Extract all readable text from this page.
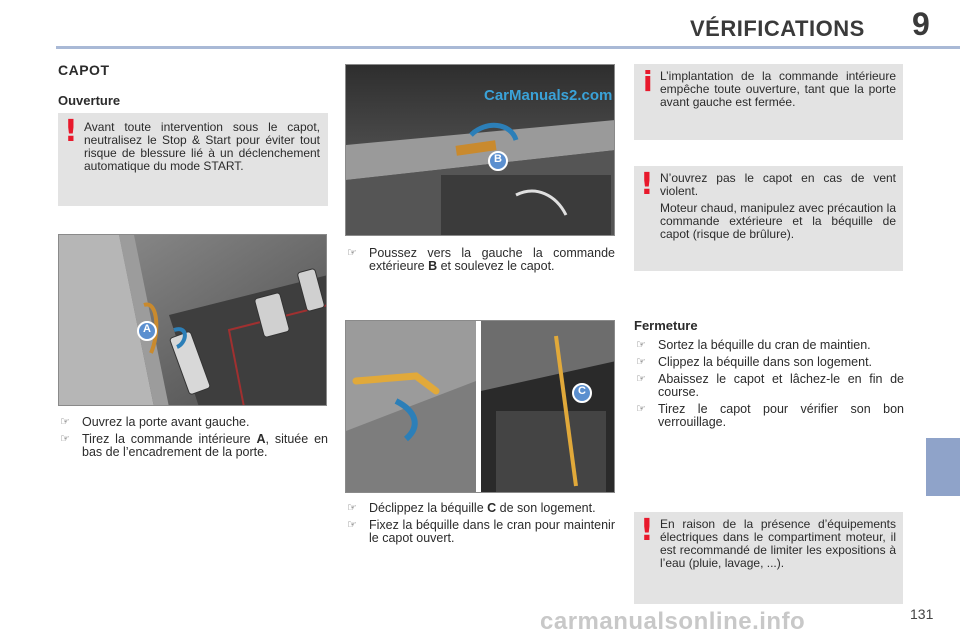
VÉRIFICATIONS 9
CAPOT
Ouverture
! Avant toute intervention sous le capot, neutralisez le Stop & Start pour éviter tout risque de blessure lié à un déclenchement automatique du mode START.

A
☞ Ouvrez la porte avant gauche.
☞ Tirez la commande intérieure A, située en bas de l’encadrement de la porte.
CarManuals2.com
B
☞ Poussez vers la gauche la commande extérieure B et soulevez le capot.
C
☞ Déclippez la béquille C de son logement.
☞ Fixez la béquille dans le cran pour maintenir le capot ouvert.
i L’implantation de la commande intérieure empêche toute ouverture, tant que la porte avant gauche est fermée.

! N’ouvrez pas le capot en cas de vent violent.

Moteur chaud, manipulez avec précaution la commande extérieure et la béquille de capot (risque de brûlure).

Fermeture
☞ Sortez la béquille du cran de maintien.
☞ Clippez la béquille dans son logement.
☞ Abaissez le capot et lâchez-le en fin de course.
☞ Tirez le capot pour vérifier son bon verrouillage.
! En raison de la présence d’équipements électriques dans le compartiment moteur, il est recommandé de limiter les expositions à l’eau (pluie, lavage, ...).

131
carmanualsonline.info
